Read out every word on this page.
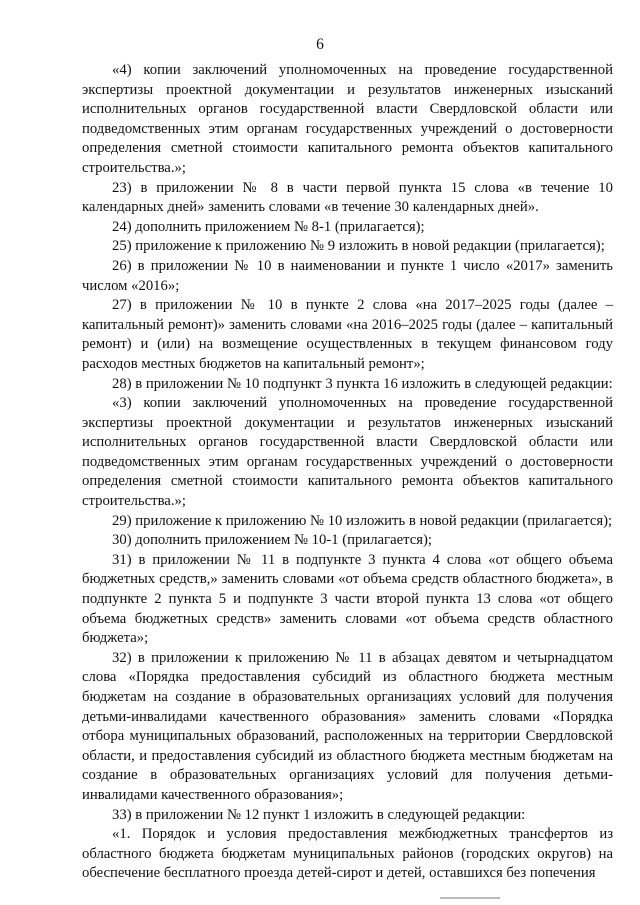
6

«4) копии заключений уполномоченных на проведение государственной экспертизы проектной документации и результатов инженерных изысканий исполнительных органов государственной власти Свердловской области или подведомственных этим органам государственных учреждений о достоверности определения сметной стоимости капитального ремонта объектов капитального строительства.»;

23) в приложении № 8 в части первой пункта 15 слова «в течение 10 календарных дней» заменить словами «в течение 30 календарных дней».

24) дополнить приложением № 8-1 (прилагается);

25) приложение к приложению № 9 изложить в новой редакции (прилагается);

26) в приложении № 10 в наименовании и пункте 1 число «2017» заменить числом «2016»;

27) в приложении № 10 в пункте 2 слова «на 2017–2025 годы (далее – капитальный ремонт)» заменить словами «на 2016–2025 годы (далее – капитальный ремонт) и (или) на возмещение осуществленных в текущем финансовом году расходов местных бюджетов на капитальный ремонт»;

28) в приложении № 10 подпункт 3 пункта 16 изложить в следующей редакции:

«3) копии заключений уполномоченных на проведение государственной экспертизы проектной документации и результатов инженерных изысканий исполнительных органов государственной власти Свердловской области или подведомственных этим органам государственных учреждений о достоверности определения сметной стоимости капитального ремонта объектов капитального строительства.»;

29) приложение к приложению № 10 изложить в новой редакции (прилагается);

30) дополнить приложением № 10-1 (прилагается);

31) в приложении № 11 в подпункте 3 пункта 4 слова «от общего объема бюджетных средств,» заменить словами «от объема средств областного бюджета», в подпункте 2 пункта 5 и подпункте 3 части второй пункта 13 слова «от общего объема бюджетных средств» заменить словами «от объема средств областного бюджета»;

32) в приложении к приложению № 11 в абзацах девятом и четырнадцатом слова «Порядка предоставления субсидий из областного бюджета местным бюджетам на создание в образовательных организациях условий для получения детьми-инвалидами качественного образования» заменить словами «Порядка отбора муниципальных образований, расположенных на территории Свердловской области, и предоставления субсидий из областного бюджета местным бюджетам на создание в образовательных организациях условий для получения детьми-инвалидами качественного образования»;

33) в приложении № 12 пункт 1 изложить в следующей редакции:

«1. Порядок и условия предоставления межбюджетных трансфертов из областного бюджета бюджетам муниципальных районов (городских округов) на обеспечение бесплатного проезда детей-сирот и детей, оставшихся без попечения
